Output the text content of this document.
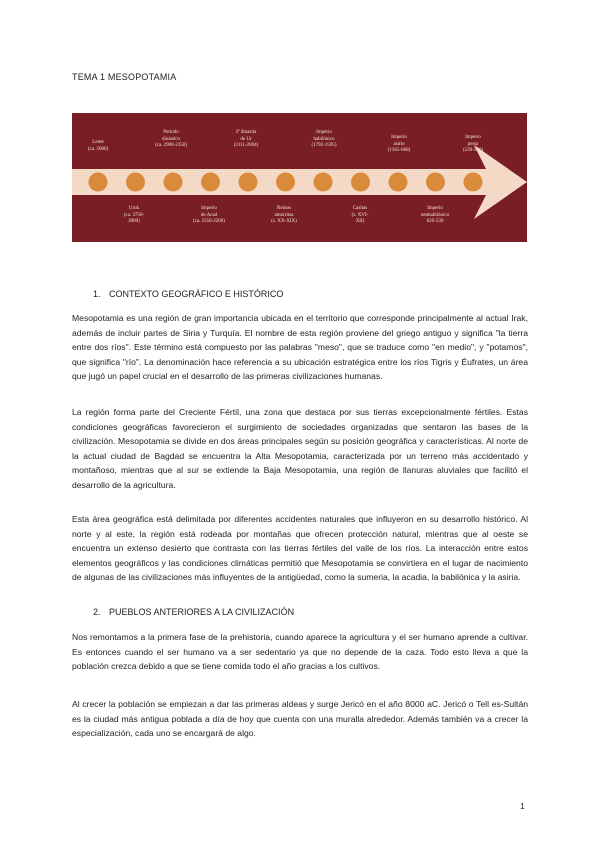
TEMA 1 MESOPOTAMIA
Lente
(ca. 5000)
Período
dinástico
(ca. 2900-2350)
3ª dinastía
de Ur
(2111-2004)
Imperio
babilónico
(1792-1595)
Imperio
asirio
(1365-668)
Imperio
persa
(539-330)
Uruk
(ca. 3750-
3000)
Imperio
de Acad
(ca. 2350-2200)
Reinos
amorritas
(s. XX-XIX)
Casitas
(s. XVI-
XII)
Imperio
neobabilónico
626-539
1. CONTEXTO GEOGRÁFICO E HISTÓRICO

Mesopotamia es una región de gran importancia ubicada en el territorio que corresponde principalmente al actual Irak, además de incluir partes de Siria y Turquía. El nombre de esta región proviene del griego antiguo y significa "la tierra entre dos ríos". Este término está compuesto por las palabras "meso", que se traduce como "en medio", y "potamos", que significa "río". La denominación hace referencia a su ubicación estratégica entre los ríos Tigris y Éufrates, un área que jugó un papel crucial en el desarrollo de las primeras civilizaciones humanas.

La región forma parte del Creciente Fértil, una zona que destaca por sus tierras excepcionalmente fértiles. Estas condiciones geográficas favorecieron el surgimiento de sociedades organizadas que sentaron las bases de la civilización. Mesopotamia se divide en dos áreas principales según su posición geográfica y características. Al norte de la actual ciudad de Bagdad se encuentra la Alta Mesopotamia, caracterizada por un terreno más accidentado y montañoso, mientras que al sur se extiende la Baja Mesopotamia, una región de llanuras aluviales que facilitó el desarrollo de la agricultura.

Esta área geográfica está delimitada por diferentes accidentes naturales que influyeron en su desarrollo histórico. Al norte y al este, la región está rodeada por montañas que ofrecen protección natural, mientras que al oeste se encuentra un extenso desierto que contrasta con las tierras fértiles del valle de los ríos. La interacción entre estos elementos geográficos y las condiciones climáticas permitió que Mesopotamia se convirtiera en el lugar de nacimiento de algunas de las civilizaciones más influyentes de la antigüedad, como la sumeria, la acadia, la babilónica y la asiria.

2. PUEBLOS ANTERIORES A LA CIVILIZACIÓN

Nos remontamos a la primera fase de la prehistoria, cuando aparece la agricultura y el ser humano aprende a cultivar. Es entonces cuando el ser humano va a ser sedentario ya que no depende de la caza. Todo esto lleva a que la población crezca debido a que se tiene comida todo el año gracias a los cultivos.

Al crecer la población se empiezan a dar las primeras aldeas y surge Jericó en el año 8000 aC. Jericó o Tell es-Sultán es la ciudad más antigua poblada a día de hoy que cuenta con una muralla alrededor. Además también va a crecer la especialización, cada uno se encargará de algo.

1
